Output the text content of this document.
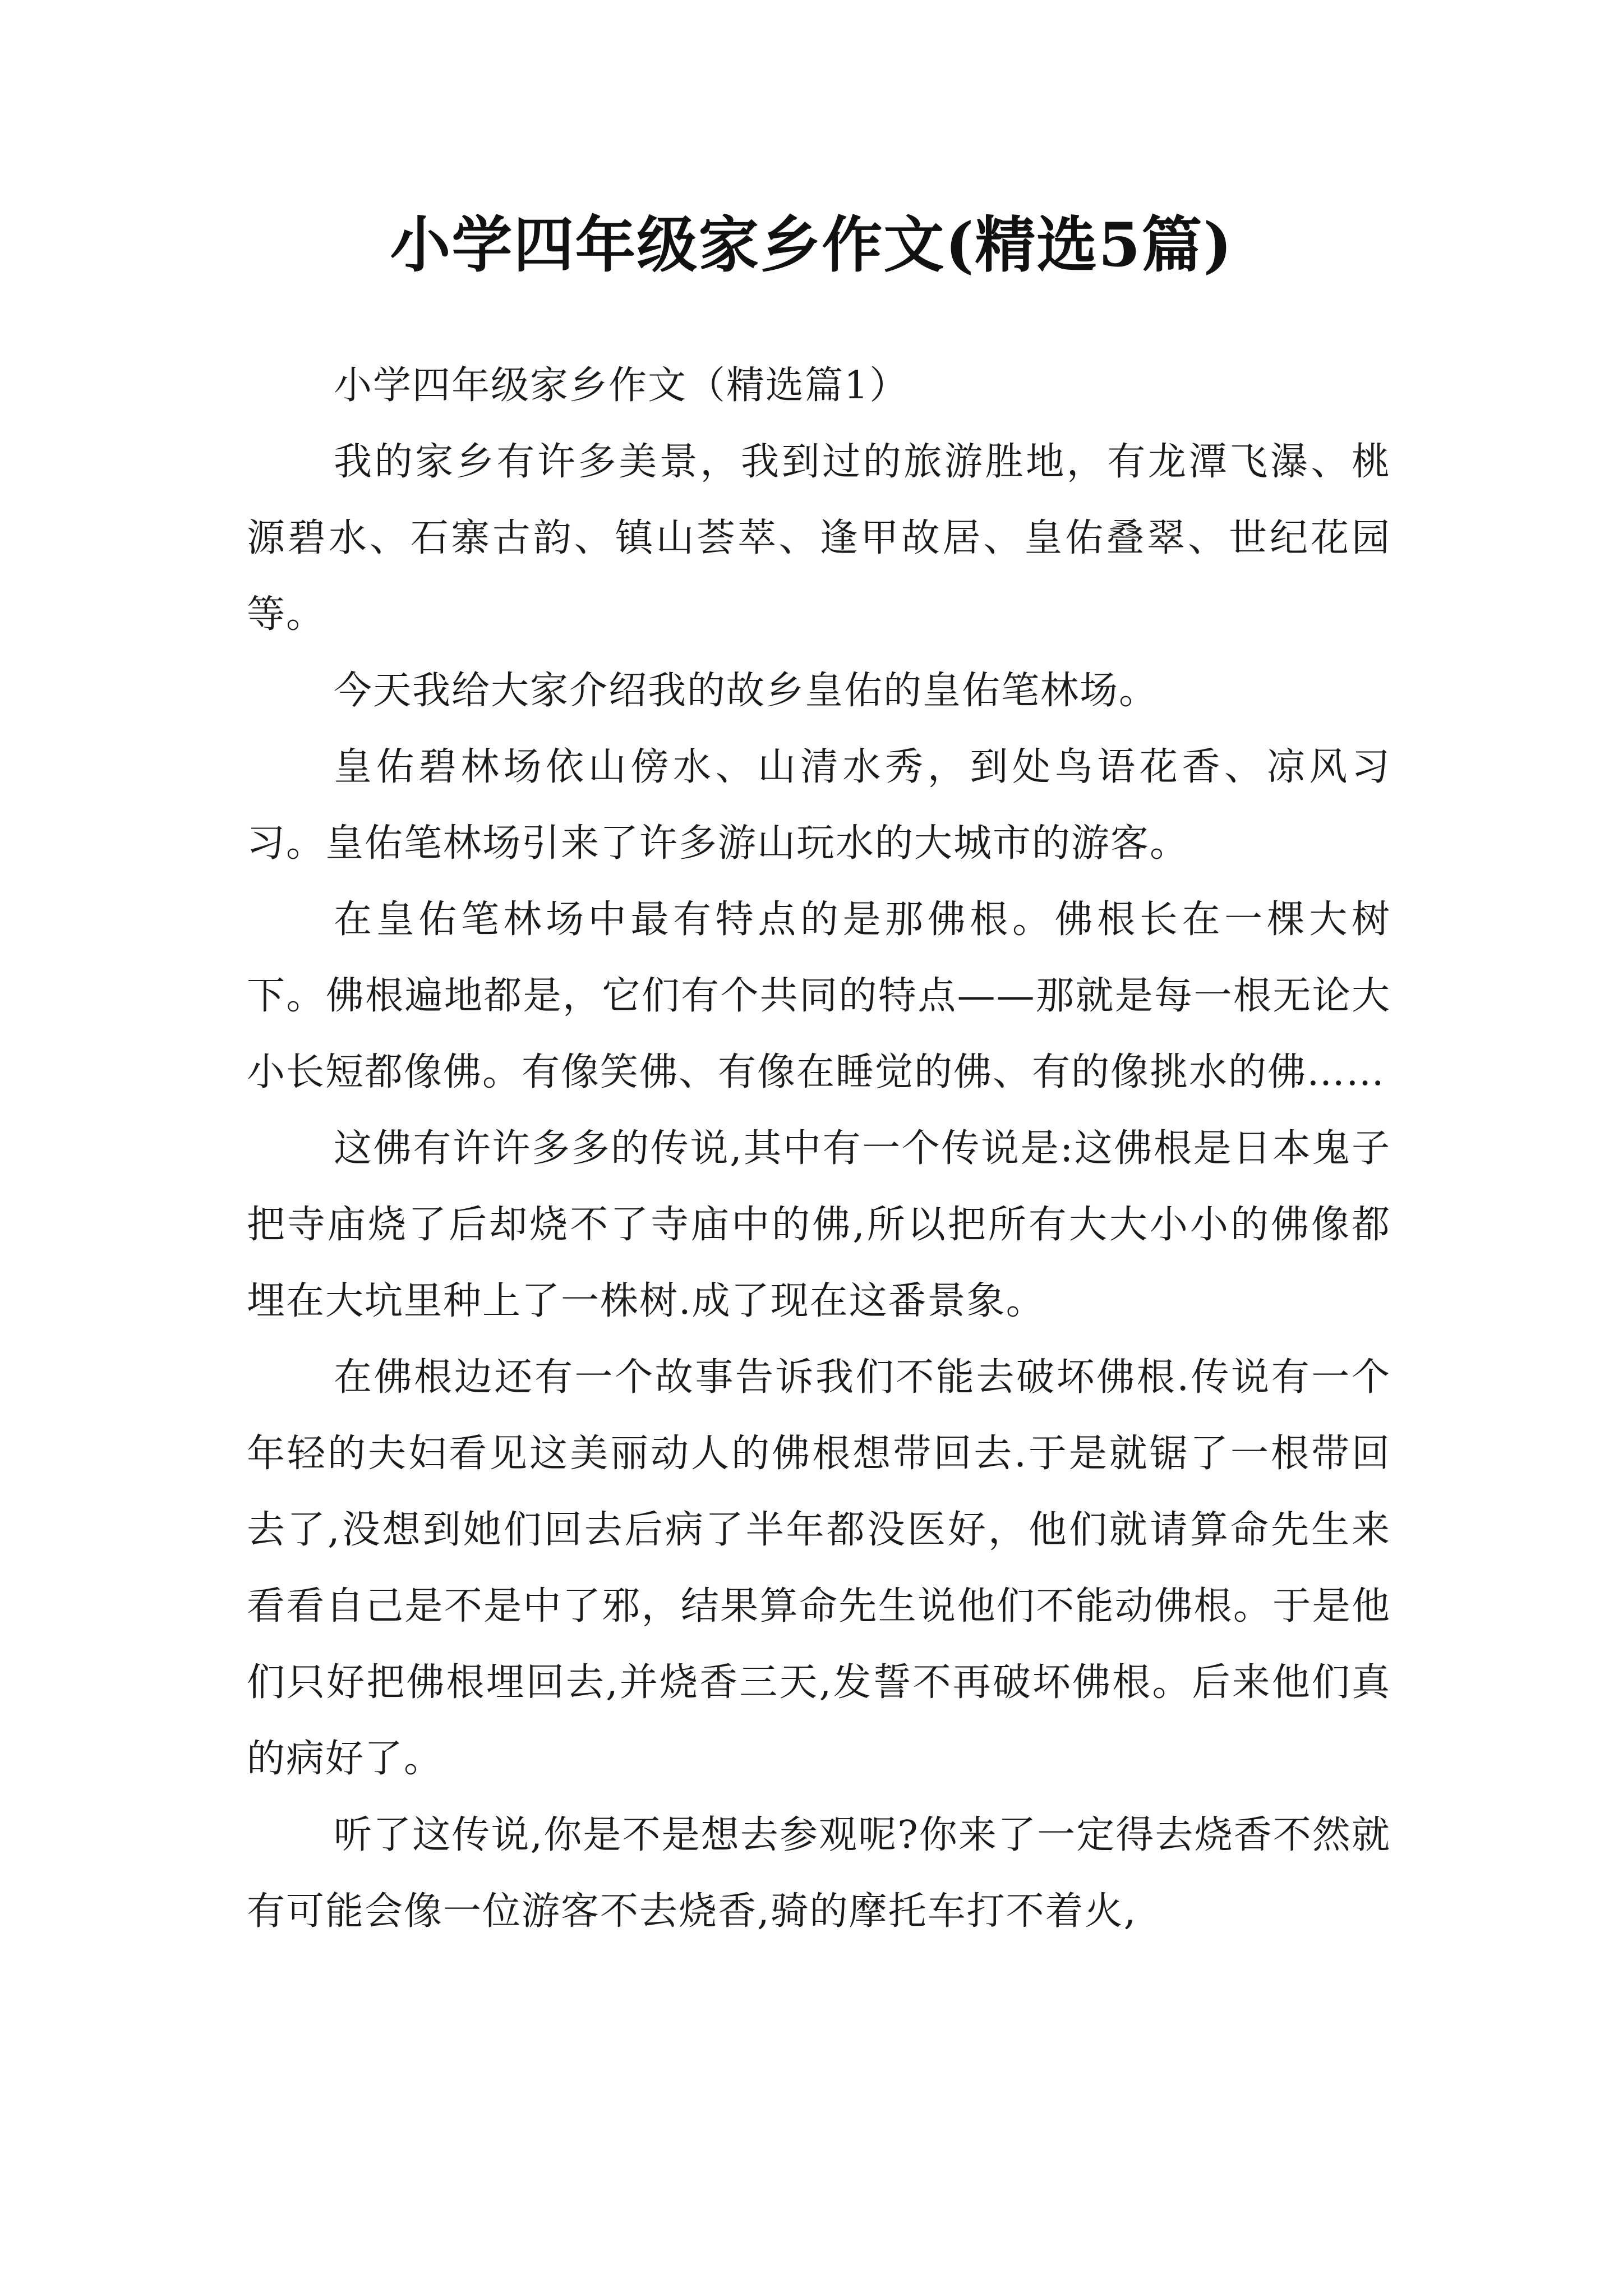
小学四年级家乡作文(精选5篇)

小学四年级家乡作文（精选篇1）

我的家乡有许多美景，我到过的旅游胜地，有龙潭飞瀑、桃源碧水、石寨古韵、镇山荟萃、逢甲故居、皇佑叠翠、世纪花园等。

今天我给大家介绍我的故乡皇佑的皇佑笔林场。

皇佑碧林场依山傍水、山清水秀，到处鸟语花香、凉风习习。皇佑笔林场引来了许多游山玩水的大城市的游客。

在皇佑笔林场中最有特点的是那佛根。佛根长在一棵大树下。佛根遍地都是，它们有个共同的特点——那就是每一根无论大小长短都像佛。有像笑佛、有像在睡觉的佛、有的像挑水的佛……

这佛有许许多多的传说,其中有一个传说是:这佛根是日本鬼子把寺庙烧了后却烧不了寺庙中的佛,所以把所有大大小小的佛像都埋在大坑里种上了一株树.成了现在这番景象。

在佛根边还有一个故事告诉我们不能去破坏佛根.传说有一个年轻的夫妇看见这美丽动人的佛根想带回去.于是就锯了一根带回去了,没想到她们回去后病了半年都没医好，他们就请算命先生来看看自己是不是中了邪，结果算命先生说他们不能动佛根。于是他们只好把佛根埋回去,并烧香三天,发誓不再破坏佛根。后来他们真的病好了。

听了这传说,你是不是想去参观呢?你来了一定得去烧香不然就有可能会像一位游客不去烧香,骑的摩托车打不着火,
